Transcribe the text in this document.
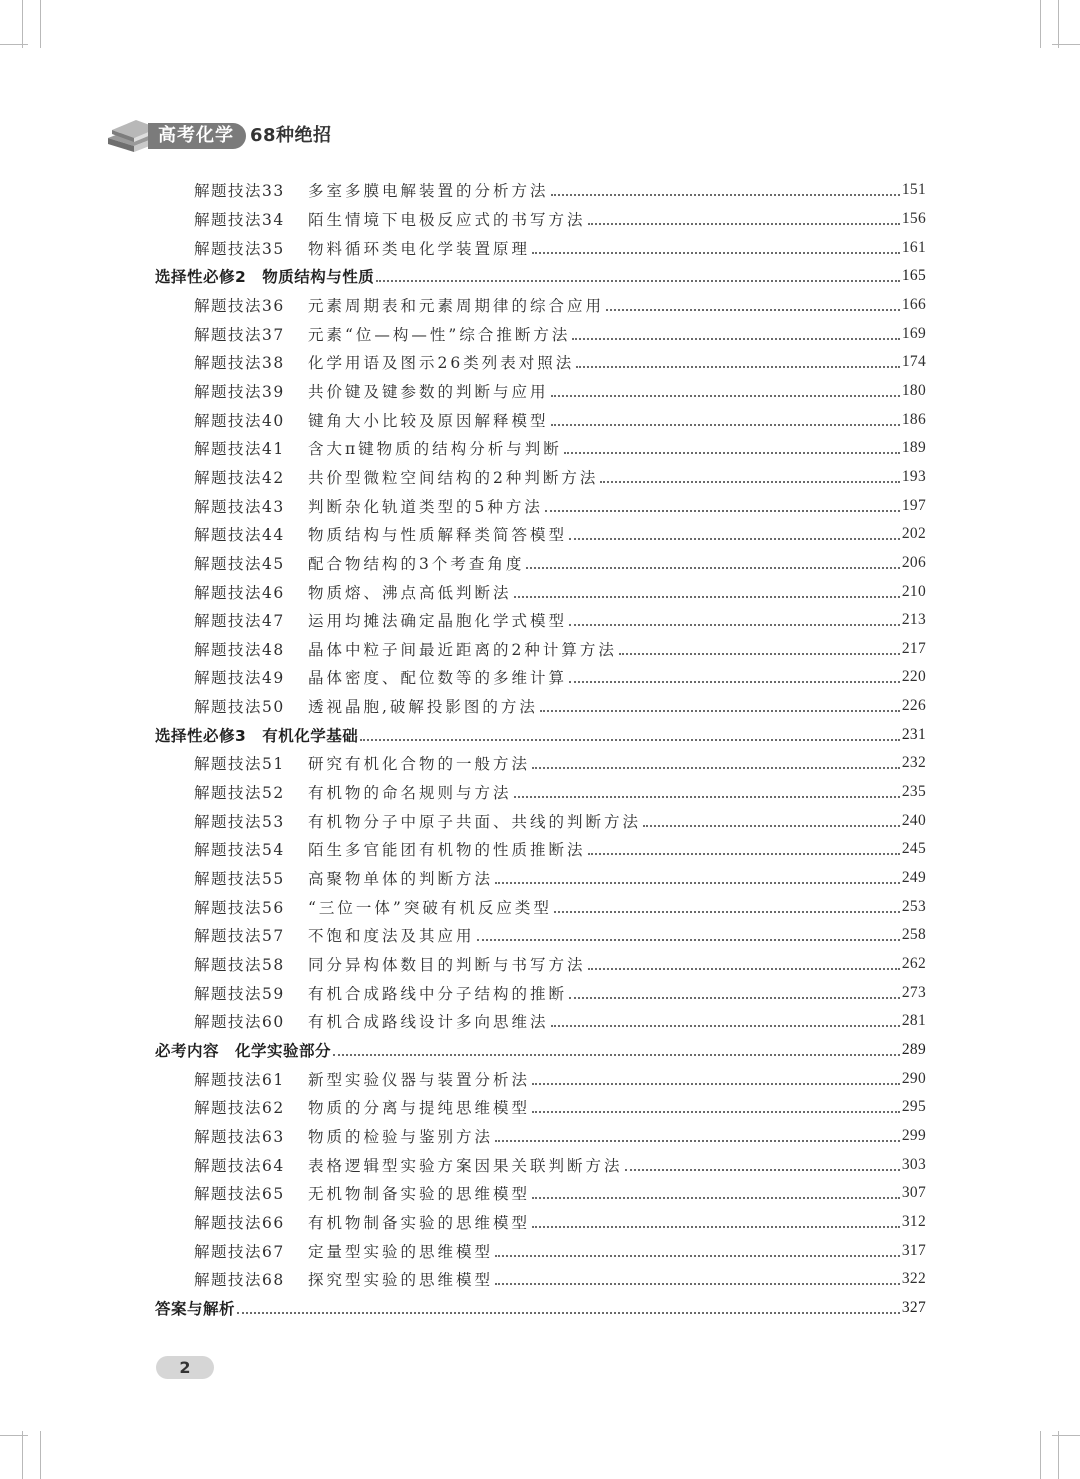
高考化学 68种绝招
解题技法33	多室多膜电解装置的分析方法	151
解题技法34	陌生情境下电极反应式的书写方法	156
解题技法35	物料循环类电化学装置原理	161
选择性必修2 物质结构与性质	165
解题技法36	元素周期表和元素周期律的综合应用	166
解题技法37	元素“位—构—性”综合推断方法	169
解题技法38	化学用语及图示26类列表对照法	174
解题技法39	共价键及键参数的判断与应用	180
解题技法40	键角大小比较及原因解释模型	186
解题技法41	含大π键物质的结构分析与判断	189
解题技法42	共价型微粒空间结构的2种判断方法	193
解题技法43	判断杂化轨道类型的5种方法	197
解题技法44	物质结构与性质解释类简答模型	202
解题技法45	配合物结构的3个考查角度	206
解题技法46	物质熔、沸点高低判断法	210
解题技法47	运用均摊法确定晶胞化学式模型	213
解题技法48	晶体中粒子间最近距离的2种计算方法	217
解题技法49	晶体密度、配位数等的多维计算	220
解题技法50	透视晶胞,破解投影图的方法	226
选择性必修3 有机化学基础	231
解题技法51	研究有机化合物的一般方法	232
解题技法52	有机物的命名规则与方法	235
解题技法53	有机物分子中原子共面、共线的判断方法	240
解题技法54	陌生多官能团有机物的性质推断法	245
解题技法55	高聚物单体的判断方法	249
解题技法56	“三位一体”突破有机反应类型	253
解题技法57	不饱和度法及其应用	258
解题技法58	同分异构体数目的判断与书写方法	262
解题技法59	有机合成路线中分子结构的推断	273
解题技法60	有机合成路线设计多向思维法	281
必考内容 化学实验部分	289
解题技法61	新型实验仪器与装置分析法	290
解题技法62	物质的分离与提纯思维模型	295
解题技法63	物质的检验与鉴别方法	299
解题技法64	表格逻辑型实验方案因果关联判断方法	303
解题技法65	无机物制备实验的思维模型	307
解题技法66	有机物制备实验的思维模型	312
解题技法67	定量型实验的思维模型	317
解题技法68	探究型实验的思维模型	322
答案与解析	327
2
